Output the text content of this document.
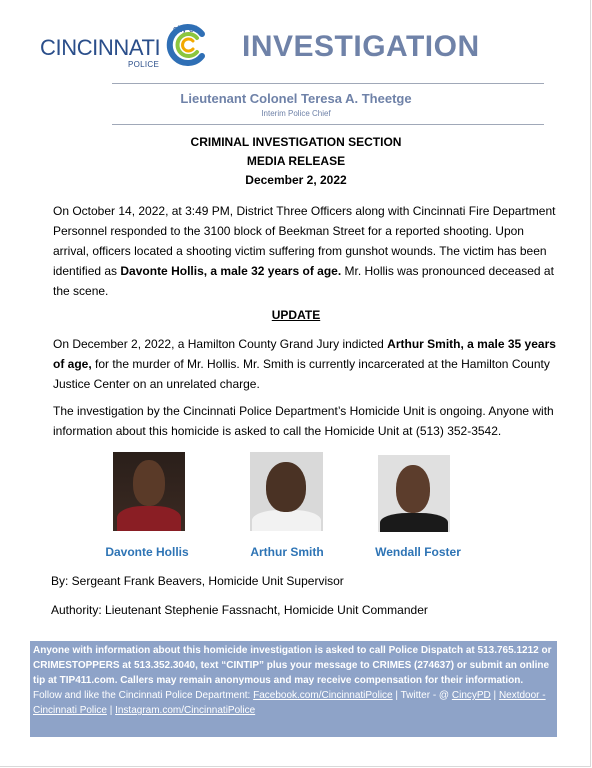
city of
CINCINNATI
POLICE
INVESTIGATION
Lieutenant Colonel Teresa A. Theetge
Interim Police Chief
CRIMINAL INVESTIGATION SECTION
MEDIA RELEASE
December 2, 2022
On October 14, 2022, at 3:49 PM, District Three Officers along with Cincinnati Fire Department Personnel responded to the 3100 block of Beekman Street for a reported shooting. Upon arrival, officers located a shooting victim suffering from gunshot wounds. The victim has been identified as Davonte Hollis, a male 32 years of age. Mr. Hollis was pronounced deceased at the scene.
UPDATE
On December 2, 2022, a Hamilton County Grand Jury indicted Arthur Smith, a male 35 years of age, for the murder of Mr. Hollis. Mr. Smith is currently incarcerated at the Hamilton County Justice Center on an unrelated charge.
The investigation by the Cincinnati Police Department’s Homicide Unit is ongoing. Anyone with information about this homicide is asked to call the Homicide Unit at (513) 352-3542.
Davonte Hollis	Arthur Smith	Wendall Foster
By: Sergeant Frank Beavers, Homicide Unit Supervisor
Authority: Lieutenant Stephenie Fassnacht, Homicide Unit Commander
Anyone with information about this homicide investigation is asked to call Police Dispatch at 513.765.1212 or CRIMESTOPPERS at 513.352.3040, text “CINTIP” plus your message to CRIMES (274637) or submit an online tip at TIP411.com. Callers may remain anonymous and may receive compensation for their information.
Follow and like the Cincinnati Police Department: Facebook.com/CincinnatiPolice | Twitter - @ CincyPD | Nextdoor - Cincinnati Police | Instagram.com/CincinnatiPolice
